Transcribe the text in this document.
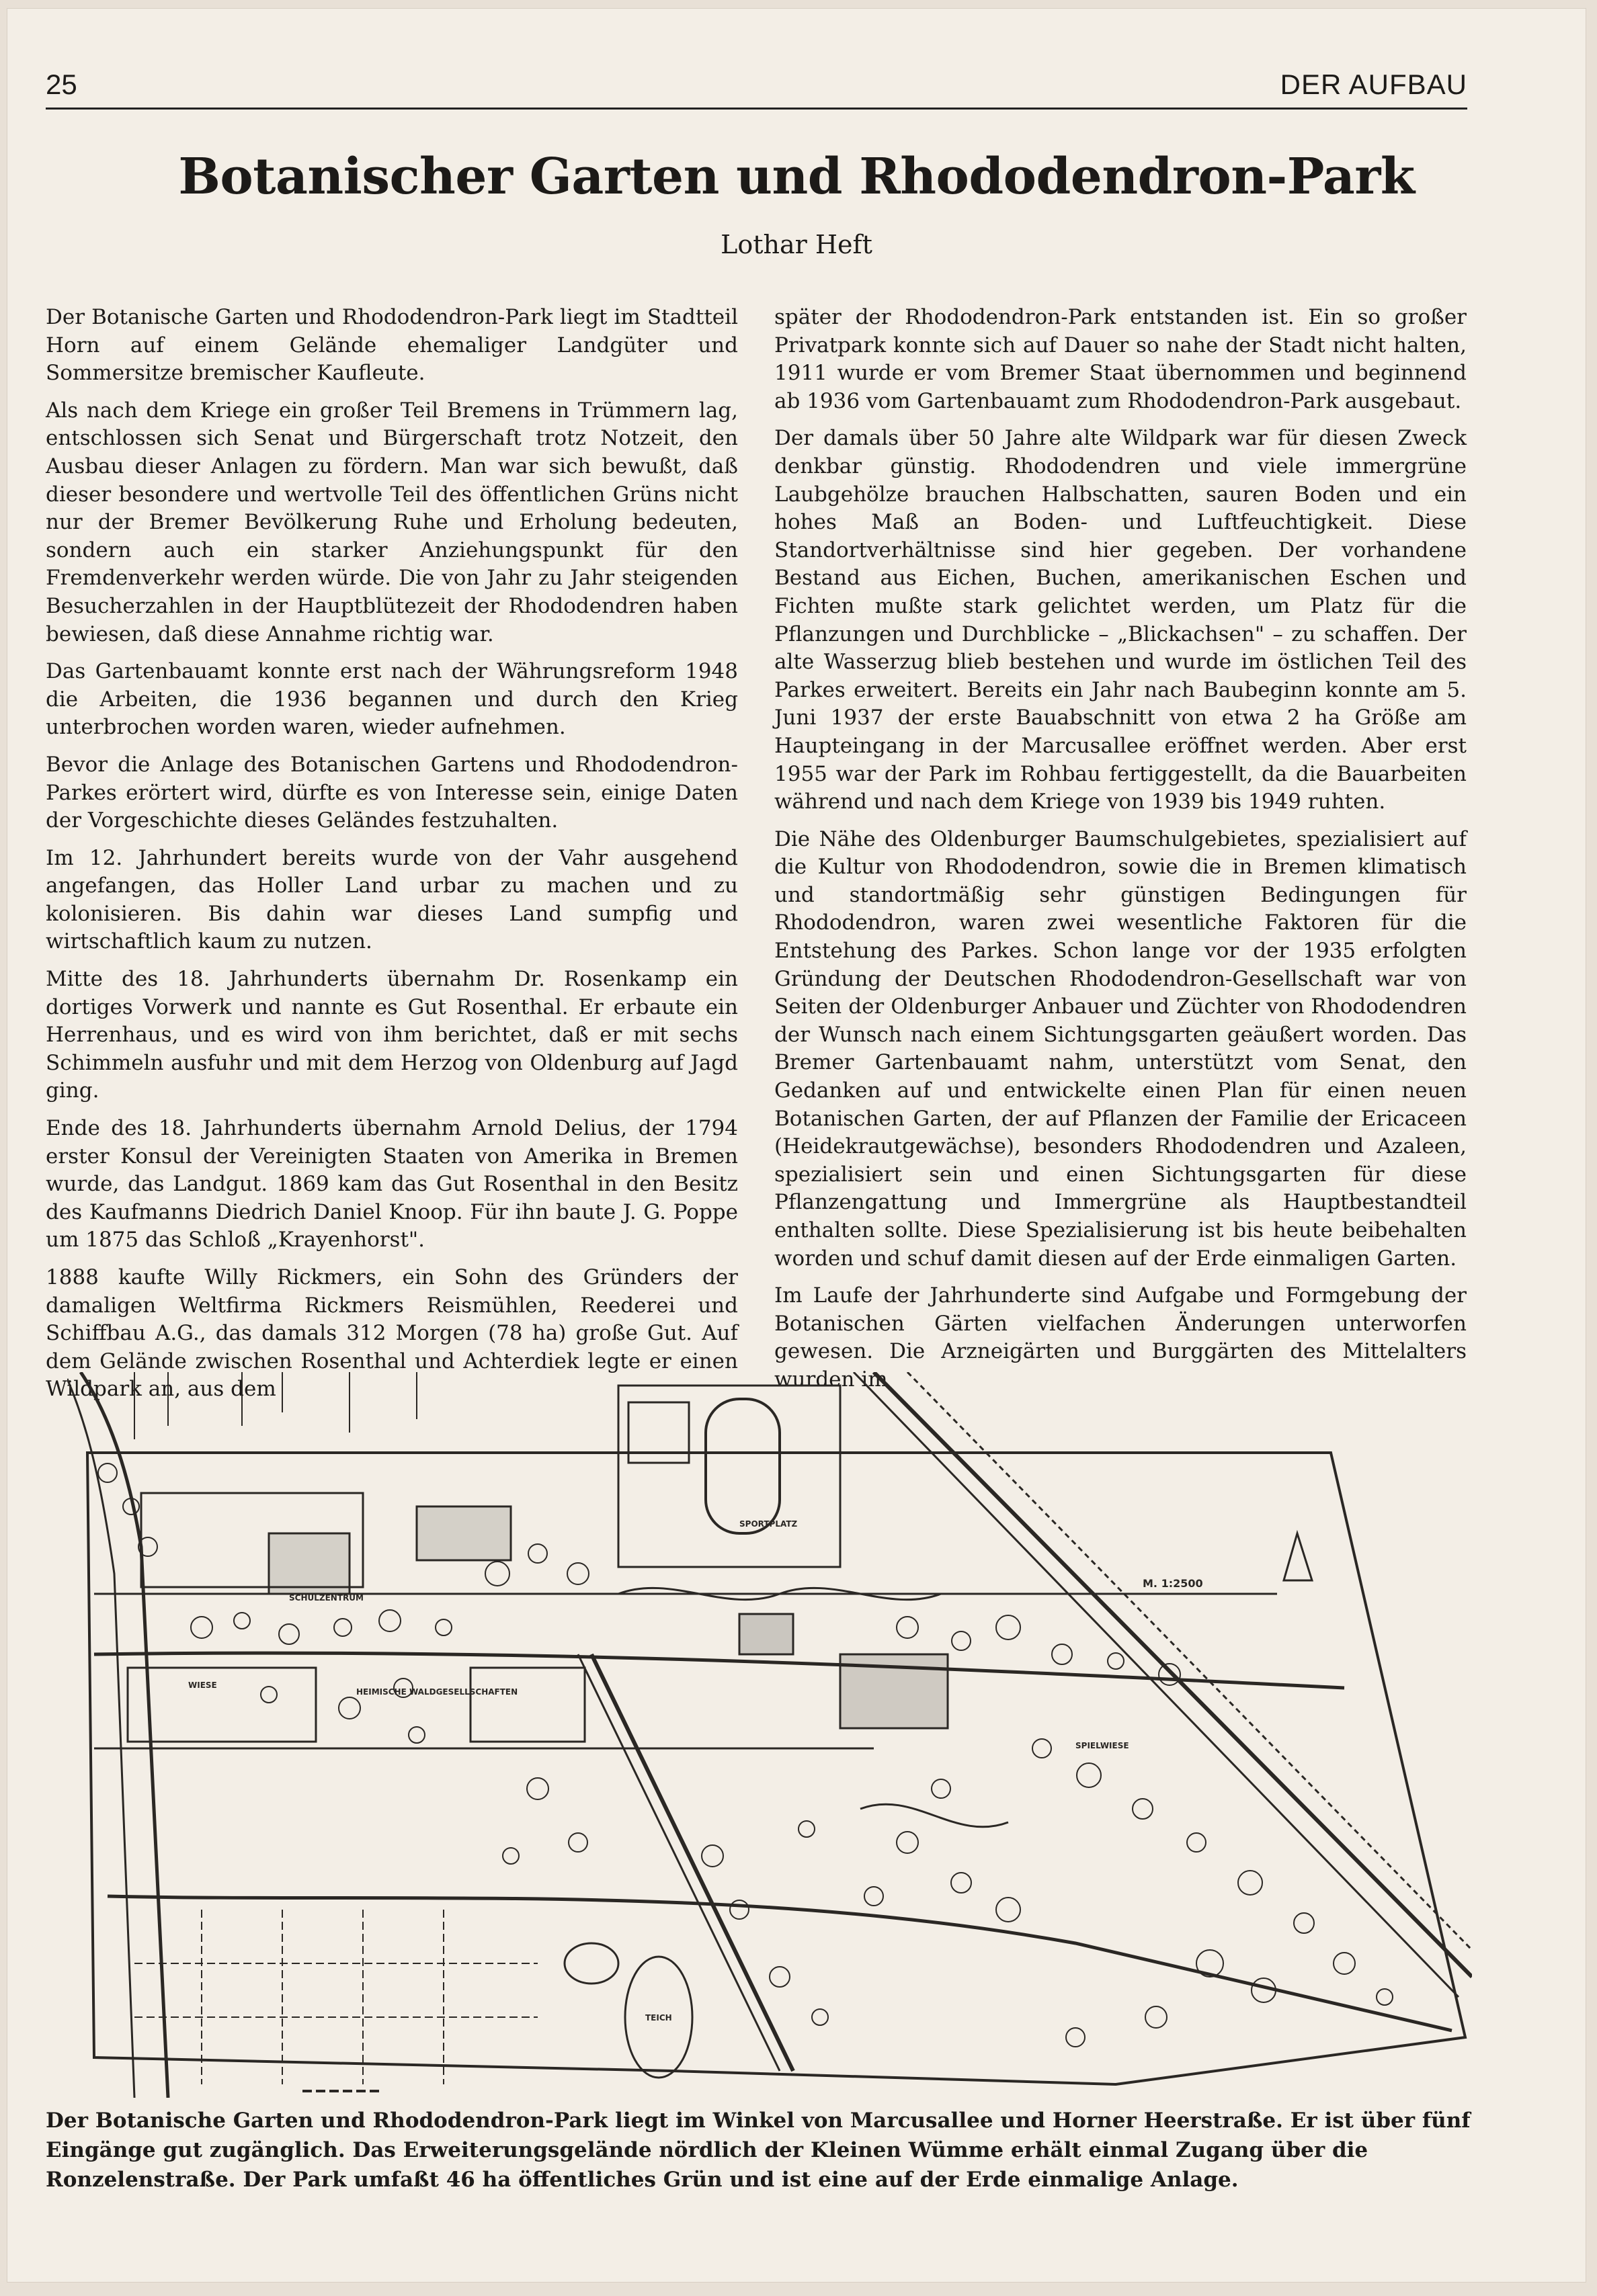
25	DER AUFBAU
Botanischer Garten und Rhododendron-Park
Lothar Heft

Der Botanische Garten und Rhododendron-Park liegt im Stadtteil Horn auf einem Gelände ehemaliger Landgüter und Sommersitze bremischer Kaufleute.

Als nach dem Kriege ein großer Teil Bremens in Trümmern lag, entschlossen sich Senat und Bürgerschaft trotz Notzeit, den Ausbau dieser Anlagen zu fördern. Man war sich bewußt, daß dieser besondere und wertvolle Teil des öffentlichen Grüns nicht nur der Bremer Bevölkerung Ruhe und Erholung bedeuten, sondern auch ein starker Anziehungspunkt für den Fremdenverkehr werden würde. Die von Jahr zu Jahr steigenden Besucherzahlen in der Hauptblütezeit der Rhododendren haben bewiesen, daß diese Annahme richtig war.

Das Gartenbauamt konnte erst nach der Währungsreform 1948 die Arbeiten, die 1936 begannen und durch den Krieg unterbrochen worden waren, wieder aufnehmen.

Bevor die Anlage des Botanischen Gartens und Rhododendron-Parkes erörtert wird, dürfte es von Interesse sein, einige Daten der Vorgeschichte dieses Geländes festzuhalten.

Im 12. Jahrhundert bereits wurde von der Vahr ausgehend angefangen, das Holler Land urbar zu machen und zu kolonisieren. Bis dahin war dieses Land sumpfig und wirtschaftlich kaum zu nutzen.

Mitte des 18. Jahrhunderts übernahm Dr. Rosenkamp ein dortiges Vorwerk und nannte es Gut Rosenthal. Er erbaute ein Herrenhaus, und es wird von ihm berichtet, daß er mit sechs Schimmeln ausfuhr und mit dem Herzog von Oldenburg auf Jagd ging.

Ende des 18. Jahrhunderts übernahm Arnold Delius, der 1794 erster Konsul der Vereinigten Staaten von Amerika in Bremen wurde, das Landgut. 1869 kam das Gut Rosenthal in den Besitz des Kaufmanns Diedrich Daniel Knoop. Für ihn baute J. G. Poppe um 1875 das Schloß „Krayenhorst".

1888 kaufte Willy Rickmers, ein Sohn des Gründers der damaligen Weltfirma Rickmers Reismühlen, Reederei und Schiffbau A.G., das damals 312 Morgen (78 ha) große Gut. Auf dem Gelände zwischen Rosenthal und Achterdiek legte er einen Wildpark an, aus dem

später der Rhododendron-Park entstanden ist. Ein so großer Privatpark konnte sich auf Dauer so nahe der Stadt nicht halten, 1911 wurde er vom Bremer Staat übernommen und beginnend ab 1936 vom Gartenbauamt zum Rhododendron-Park ausgebaut.

Der damals über 50 Jahre alte Wildpark war für diesen Zweck denkbar günstig. Rhododendren und viele immergrüne Laubgehölze brauchen Halbschatten, sauren Boden und ein hohes Maß an Boden- und Luftfeuchtigkeit. Diese Standortverhältnisse sind hier gegeben. Der vorhandene Bestand aus Eichen, Buchen, amerikanischen Eschen und Fichten mußte stark gelichtet werden, um Platz für die Pflanzungen und Durchblicke – „Blickachsen" – zu schaffen. Der alte Wasserzug blieb bestehen und wurde im östlichen Teil des Parkes erweitert. Bereits ein Jahr nach Baubeginn konnte am 5. Juni 1937 der erste Bauabschnitt von etwa 2 ha Größe am Haupteingang in der Marcusallee eröffnet werden. Aber erst 1955 war der Park im Rohbau fertiggestellt, da die Bauarbeiten während und nach dem Kriege von 1939 bis 1949 ruhten.

Die Nähe des Oldenburger Baumschulgebietes, spezialisiert auf die Kultur von Rhododendron, sowie die in Bremen klimatisch und standortmäßig sehr günstigen Bedingungen für Rhododendron, waren zwei wesentliche Faktoren für die Entstehung des Parkes. Schon lange vor der 1935 erfolgten Gründung der Deutschen Rhododendron-Gesellschaft war von Seiten der Oldenburger Anbauer und Züchter von Rhododendren der Wunsch nach einem Sichtungsgarten geäußert worden. Das Bremer Gartenbauamt nahm, unterstützt vom Senat, den Gedanken auf und entwickelte einen Plan für einen neuen Botanischen Garten, der auf Pflanzen der Familie der Ericaceen (Heidekrautgewächse), besonders Rhododendren und Azaleen, spezialisiert sein und einen Sichtungsgarten für diese Pflanzengattung und Immergrüne als Hauptbestandteil enthalten sollte. Diese Spezialisierung ist bis heute beibehalten worden und schuf damit diesen auf der Erde einmaligen Garten.

Im Laufe der Jahrhunderte sind Aufgabe und Formgebung der Botanischen Gärten vielfachen Änderungen unterworfen gewesen. Die Arzneigärten und Burggärten des Mittelalters wurden im

SPORTPLATZ
SCHULZENTRUM
HEIMISCHE WALDGESELLSCHAFTEN
WIESE
SPIELWIESE
TEICH
M. 1:2500
Der Botanische Garten und Rhododendron-Park liegt im Winkel von Marcusallee und Horner Heerstraße. Er ist über fünf Eingänge gut zugänglich. Das Erweiterungsgelände nördlich der Kleinen Wümme erhält einmal Zugang über die Ronzelenstraße. Der Park umfaßt 46 ha öffentliches Grün und ist eine auf der Erde einmalige Anlage.
